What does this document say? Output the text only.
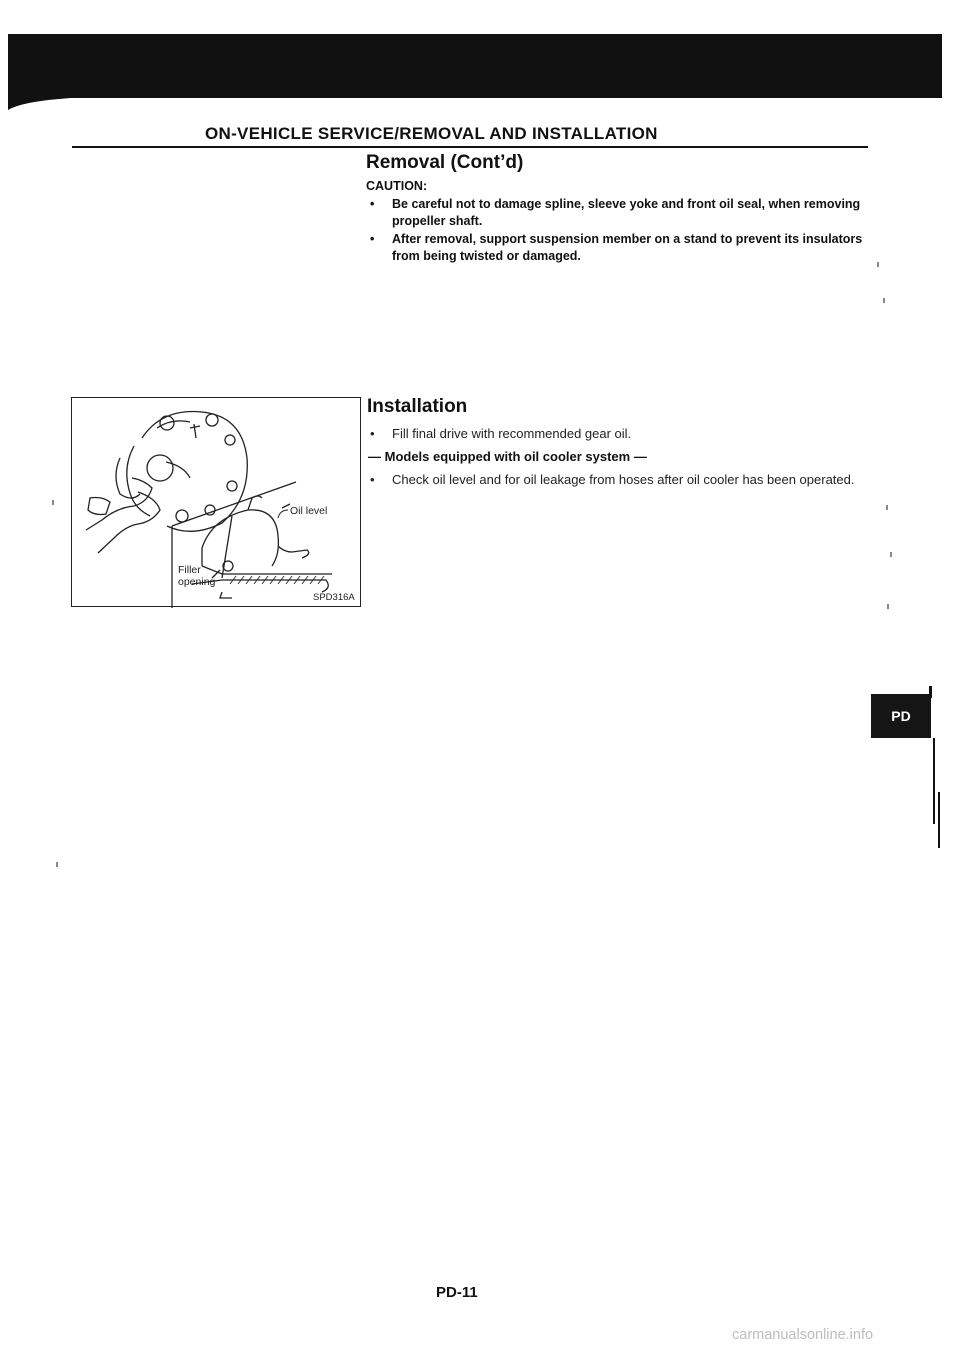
ON-VEHICLE SERVICE/REMOVAL AND INSTALLATION
Removal (Cont’d)
CAUTION:
• Be careful not to damage spline, sleeve yoke and front oil seal, when removing propeller shaft.
• After removal, support suspension member on a stand to prevent its insulators from being twisted or damaged.
Installation
• Fill final drive with recommended gear oil.
— Models equipped with oil cooler system —
• Check oil level and for oil leakage from hoses after oil cooler has been operated.
Oil level
Filler
opening
SPD316A
PD
PD-11
carmanualsonline.info
